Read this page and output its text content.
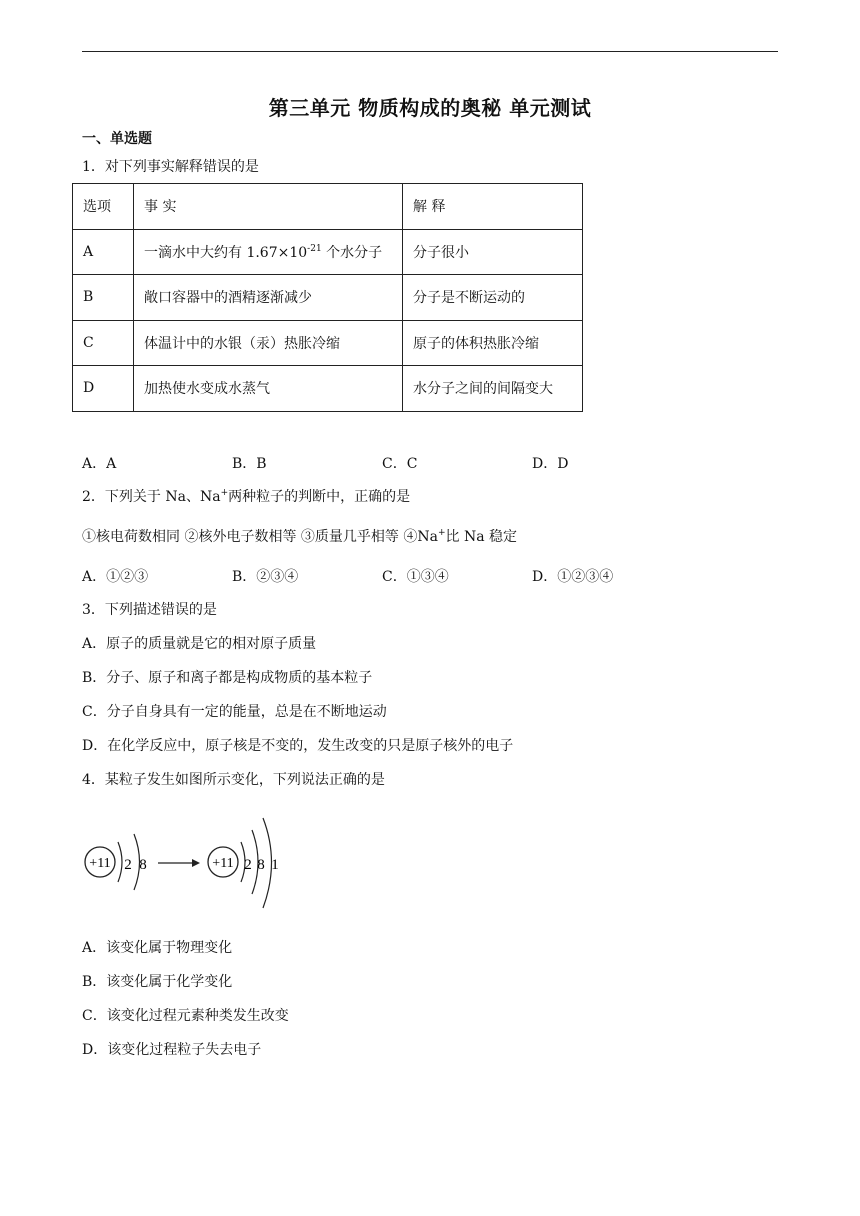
第三单元 物质构成的奥秘 单元测试
一、单选题
1．对下列事实解释错误的是
选项	事 实	解 释
A	一滴水中大约有 $1.67\times 10^{-21}$ 个水分子	分子很小
B	敞口容器中的酒精逐渐减少	分子是不断运动的
C	体温计中的水银（汞）热胀冷缩	原子的体积热胀冷缩
D	加热使水变成水蒸气	水分子之间的间隔变大
A．A	B．B	C．C	D．D
2．下列关于 Na、Na+两种粒子的判断中，正确的是
①核电荷数相同 ②核外电子数相等 ③质量几乎相等 ④Na+比 Na 稳定
A．①②③	B．②③④	C．①③④	D．①②③④
3．下列描述错误的是
A．原子的质量就是它的相对原子质量
B．分子、原子和离子都是构成物质的基本粒子
C．分子自身具有一定的能量，总是在不断地运动
D．在化学反应中，原子核是不变的，发生改变的只是原子核外的电子
4．某粒子发生如图所示变化，下列说法正确的是
+11 2 8	+11 2 8 1
A．该变化属于物理变化
B．该变化属于化学变化
C．该变化过程元素种类发生改变
D．该变化过程粒子失去电子
